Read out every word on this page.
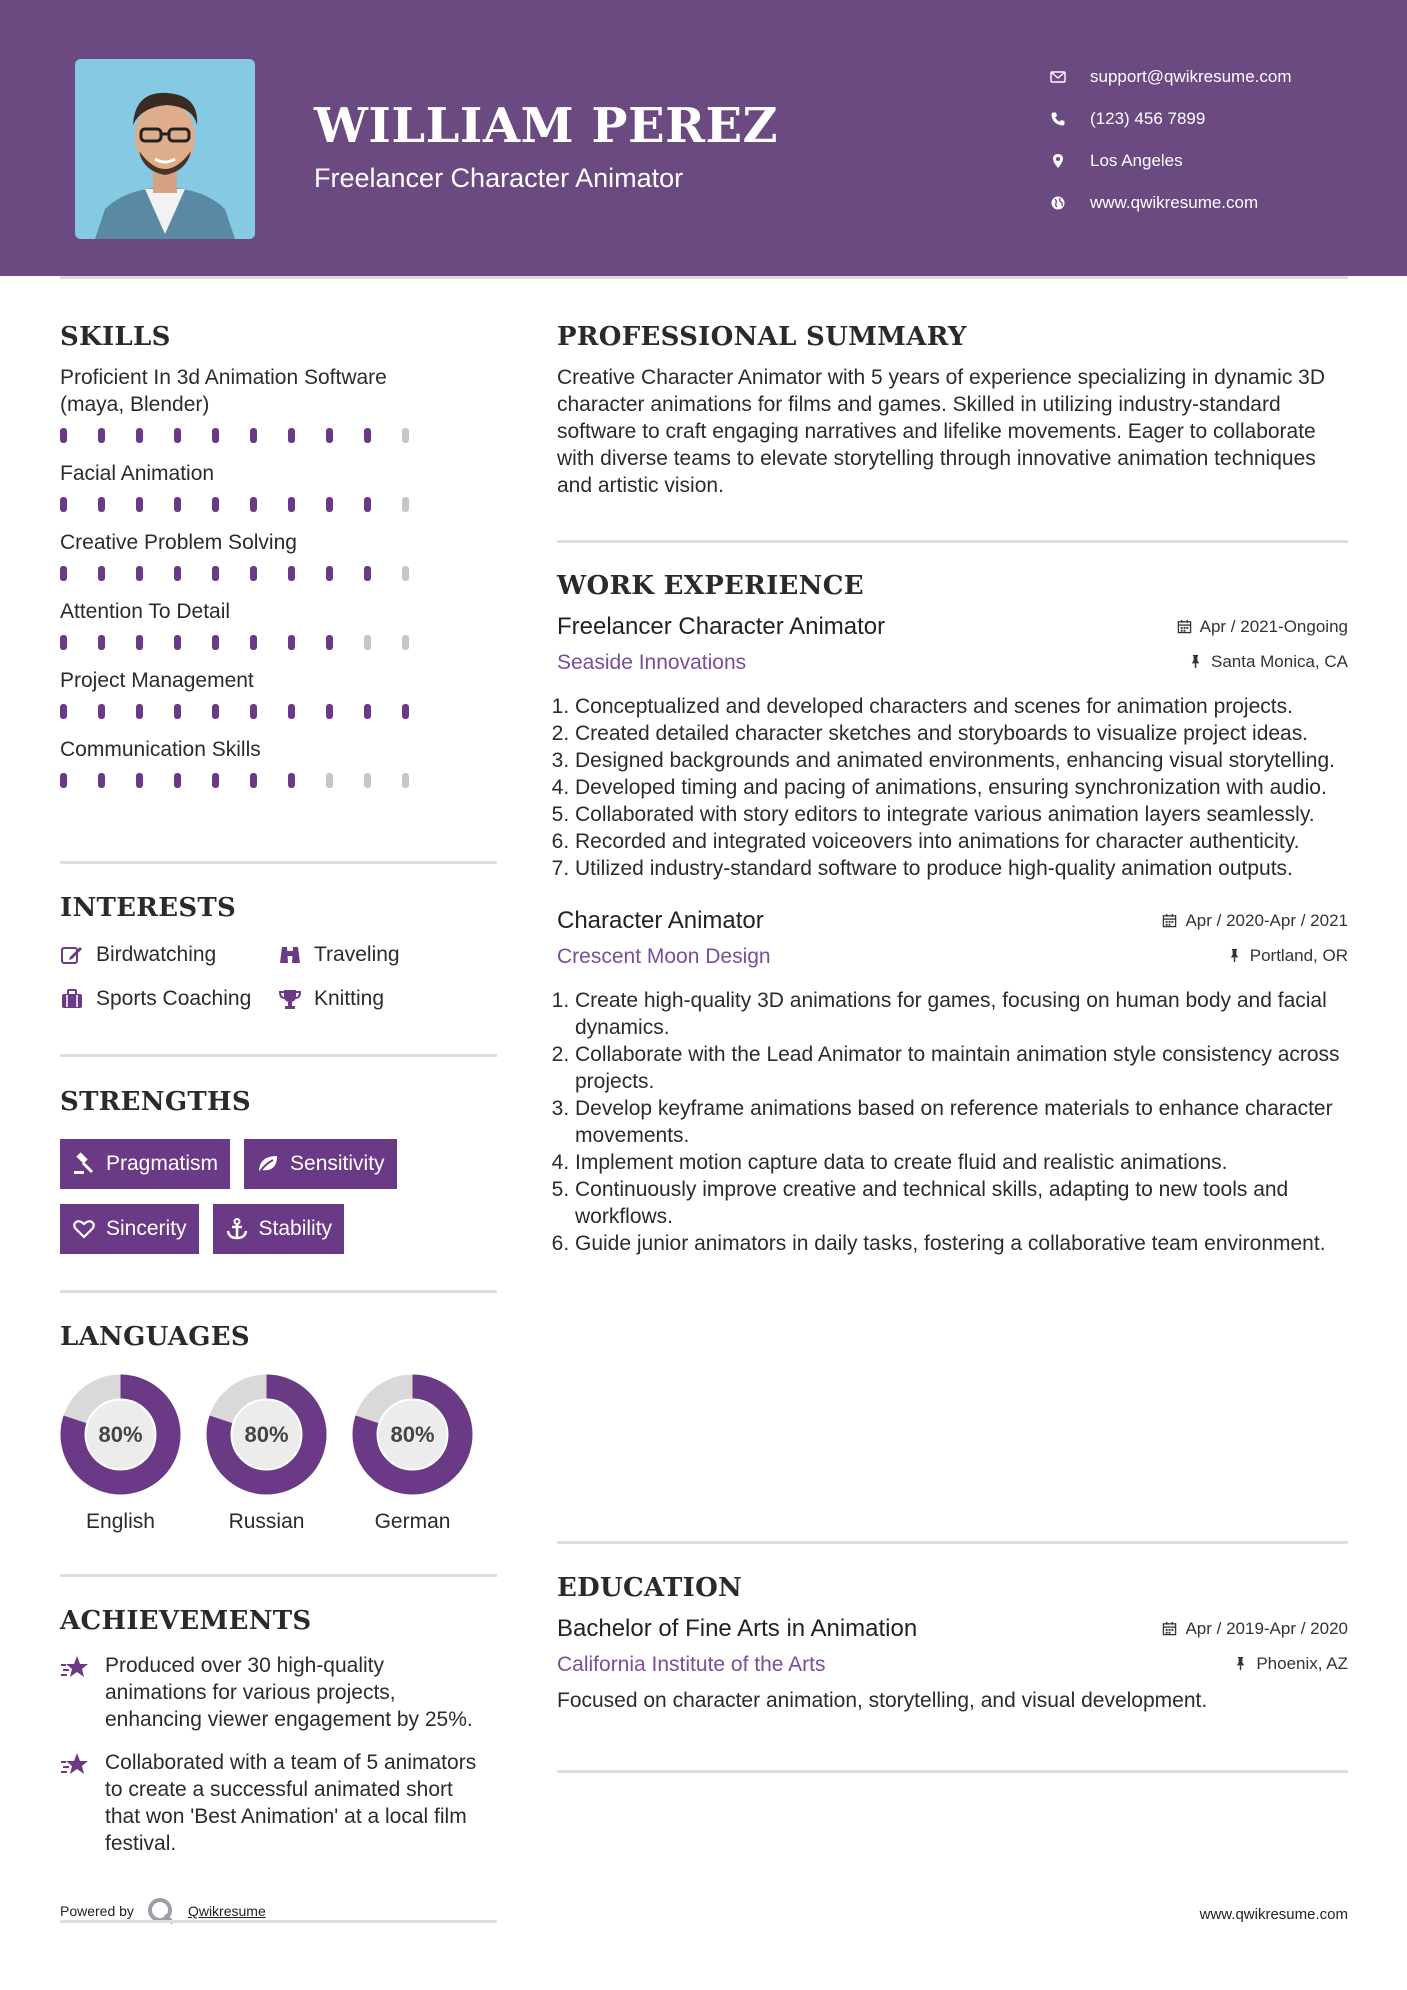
WILLIAM PEREZ
Freelancer Character Animator
support@qwikresume.com
(123) 456 7899
Los Angeles
www.qwikresume.com
SKILLS
Proficient In 3d Animation Software (maya, Blender)
Facial Animation
Creative Problem Solving
Attention To Detail
Project Management
Communication Skills
INTERESTS
Birdwatching	Traveling
Sports Coaching	Knitting
STRENGTHS
Pragmatism	Sensitivity
Sincerity	Stability
LANGUAGES
80%
English
80%
Russian
80%
German
ACHIEVEMENTS
Produced over 30 high-quality animations for various projects, enhancing viewer engagement by 25%.
Collaborated with a team of 5 animators to create a successful animated short that won 'Best Animation' at a local film festival.
PROFESSIONAL SUMMARY
Creative Character Animator with 5 years of experience specializing in dynamic 3D character animations for films and games. Skilled in utilizing industry-standard software to craft engaging narratives and lifelike movements. Eager to collaborate with diverse teams to elevate storytelling through innovative animation techniques and artistic vision.
WORK EXPERIENCE
Freelancer Character Animator	Apr / 2021-Ongoing
Seaside Innovations	Santa Monica, CA
1. Conceptualized and developed characters and scenes for animation projects.
2. Created detailed character sketches and storyboards to visualize project ideas.
3. Designed backgrounds and animated environments, enhancing visual storytelling.
4. Developed timing and pacing of animations, ensuring synchronization with audio.
5. Collaborated with story editors to integrate various animation layers seamlessly.
6. Recorded and integrated voiceovers into animations for character authenticity.
7. Utilized industry-standard software to produce high-quality animation outputs.
Character Animator	Apr / 2020-Apr / 2021
Crescent Moon Design	Portland, OR
1. Create high-quality 3D animations for games, focusing on human body and facial dynamics.
2. Collaborate with the Lead Animator to maintain animation style consistency across projects.
3. Develop keyframe animations based on reference materials to enhance character movements.
4. Implement motion capture data to create fluid and realistic animations.
5. Continuously improve creative and technical skills, adapting to new tools and workflows.
6. Guide junior animators in daily tasks, fostering a collaborative team environment.
EDUCATION
Bachelor of Fine Arts in Animation	Apr / 2019-Apr / 2020
California Institute of the Arts	Phoenix, AZ
Focused on character animation, storytelling, and visual development.
Powered by	Qwikresume	www.qwikresume.com
